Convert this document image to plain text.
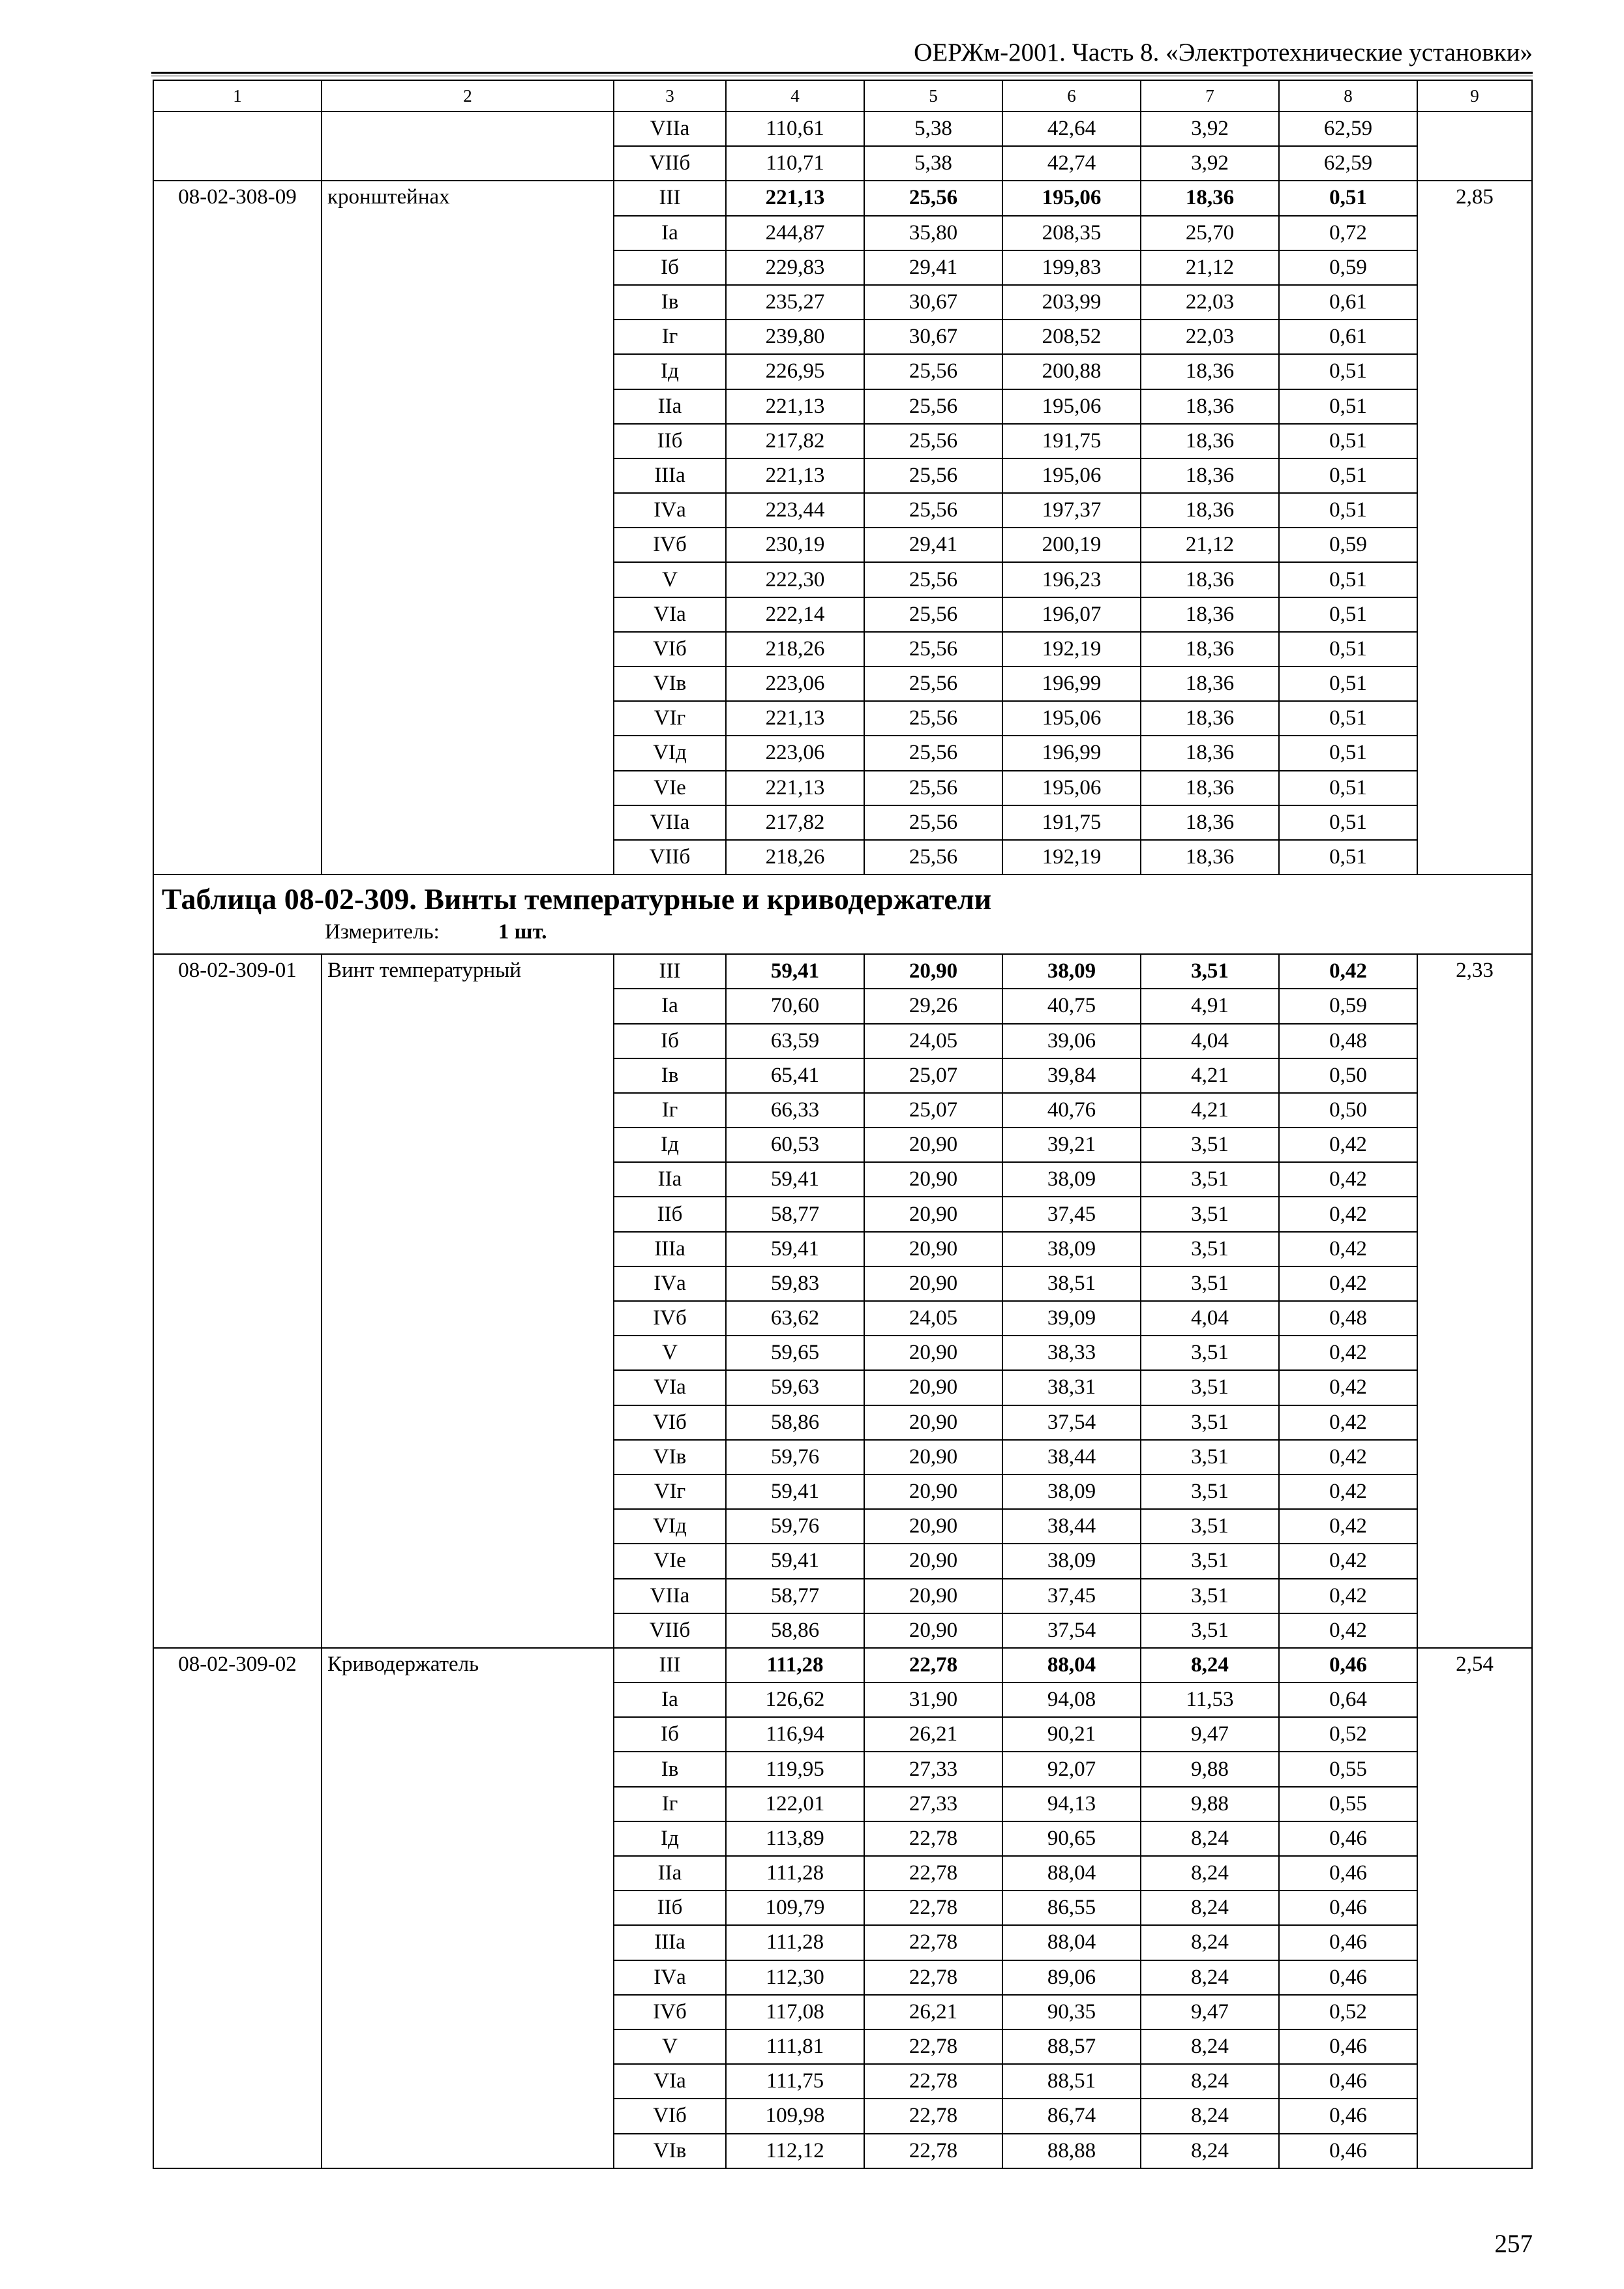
ОЕРЖм-2001. Часть 8. «Электротехнические установки»
1	2	3	4	5	6	7	8	9
		VIIа	110,61	5,38	42,64	3,92	62,59	
		VIIб	110,71	5,38	42,74	3,92	62,59	
08-02-308-09	кронштейнах	III	221,13	25,56	195,06	18,36	0,51	2,85
		Iа	244,87	35,80	208,35	25,70	0,72	
		Iб	229,83	29,41	199,83	21,12	0,59	
		Iв	235,27	30,67	203,99	22,03	0,61	
		Iг	239,80	30,67	208,52	22,03	0,61	
		Iд	226,95	25,56	200,88	18,36	0,51	
		IIа	221,13	25,56	195,06	18,36	0,51	
		IIб	217,82	25,56	191,75	18,36	0,51	
		IIIа	221,13	25,56	195,06	18,36	0,51	
		IVа	223,44	25,56	197,37	18,36	0,51	
		IVб	230,19	29,41	200,19	21,12	0,59	
		V	222,30	25,56	196,23	18,36	0,51	
		VIа	222,14	25,56	196,07	18,36	0,51	
		VIб	218,26	25,56	192,19	18,36	0,51	
		VIв	223,06	25,56	196,99	18,36	0,51	
		VIг	221,13	25,56	195,06	18,36	0,51	
		VIд	223,06	25,56	196,99	18,36	0,51	
		VIе	221,13	25,56	195,06	18,36	0,51	
		VIIа	217,82	25,56	191,75	18,36	0,51	
		VIIб	218,26	25,56	192,19	18,36	0,51	

Таблица 08-02-309. Винты температурные и криводержатели
Измеритель: 1 шт.								

08-02-309-01	Винт температурный	III	59,41	20,90	38,09	3,51	0,42	2,33
		Iа	70,60	29,26	40,75	4,91	0,59	
		Iб	63,59	24,05	39,06	4,04	0,48	
		Iв	65,41	25,07	39,84	4,21	0,50	
		Iг	66,33	25,07	40,76	4,21	0,50	
		Iд	60,53	20,90	39,21	3,51	0,42	
		IIа	59,41	20,90	38,09	3,51	0,42	
		IIб	58,77	20,90	37,45	3,51	0,42	
		IIIа	59,41	20,90	38,09	3,51	0,42	
		IVа	59,83	20,90	38,51	3,51	0,42	
		IVб	63,62	24,05	39,09	4,04	0,48	
		V	59,65	20,90	38,33	3,51	0,42	
		VIа	59,63	20,90	38,31	3,51	0,42	
		VIб	58,86	20,90	37,54	3,51	0,42	
		VIв	59,76	20,90	38,44	3,51	0,42	
		VIг	59,41	20,90	38,09	3,51	0,42	
		VIд	59,76	20,90	38,44	3,51	0,42	
		VIе	59,41	20,90	38,09	3,51	0,42	
		VIIа	58,77	20,90	37,45	3,51	0,42	
		VIIб	58,86	20,90	37,54	3,51	0,42	
08-02-309-02	Криводержатель	III	111,28	22,78	88,04	8,24	0,46	2,54
		Iа	126,62	31,90	94,08	11,53	0,64	
		Iб	116,94	26,21	90,21	9,47	0,52	
		Iв	119,95	27,33	92,07	9,88	0,55	
		Iг	122,01	27,33	94,13	9,88	0,55	
		Iд	113,89	22,78	90,65	8,24	0,46	
		IIа	111,28	22,78	88,04	8,24	0,46	
		IIб	109,79	22,78	86,55	8,24	0,46	
		IIIа	111,28	22,78	88,04	8,24	0,46	
		IVа	112,30	22,78	89,06	8,24	0,46	
		IVб	117,08	26,21	90,35	9,47	0,52	
		V	111,81	22,78	88,57	8,24	0,46	
		VIа	111,75	22,78	88,51	8,24	0,46	
		VIб	109,98	22,78	86,74	8,24	0,46	
		VIв	112,12	22,78	88,88	8,24	0,46	
257
